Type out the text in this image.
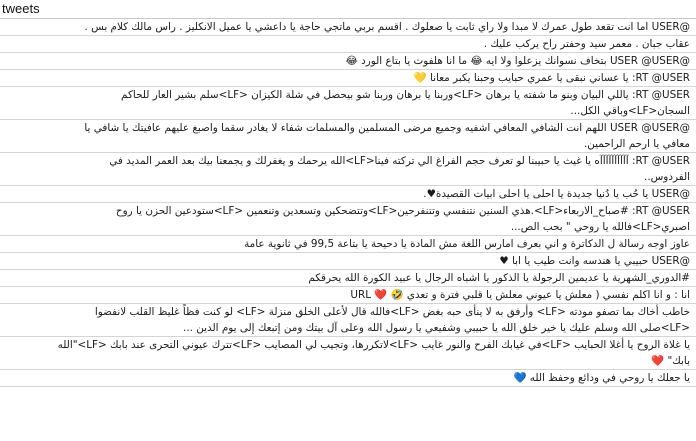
tweets
@USER اما انت تقعد طول عمرك لا مبدا ولا راي ثابت يا صعلوك . اقسم بربي ماتجي حاجة يا داعشي يا عميل الانكليز . راس مالك كلام بس .
عقاب جبان . معمر سيد وحفتر راح يركب عليك .
@USER @USER بتخاف نسوانك يزعلوا ولا ايه 😂 ما انا هلفوت يا بتاع الورد 😂
RT @USER: يا عساني نبقى يا عمري حبايب وحبنا يكبر معانا 💛
RT @USER: ياللي البيان وبنو ما شفته يا برهان <LF>وربنا يا برهان وربنا شو بيحصل في شلة الكيزان <LF>سلم بشير العار للحاكم
السجان<LF>وباقي الكل...
@USER @USER اللهم انت الشافي المعافي اشفيه وجميع مرضى المسلمين والمسلمات شفاء لا يغادر سقما واصبغ عليهم عافيتك يا شافي يا
معافي يا ارحم الراحمين.
RT @USER: آآآآآآآآآآه يا غيث يا حبيبنا لو تعرف حجم الفراغ الي تركته فينا<LF>الله يرحمك و يغفرلك و يجمعنا بيك بعد العمر المديد في
الفردوس..
@USER يا حُب يا دُنيا جديدة يا احلى يا احلى ابيات القصيدة♥.
RT @USER: #صباح_الاربعاء<LF>.هذي السنين نتنفسي وتتنفرحين<LF>وتتضحكين وتسعدين وتنعمين <LF>ستودعين الحزن يا روح
اصبري<LF>فالله يا روحي " بحب الص...
عاوز اوجه رسالة ل الدكاترة و اني بعرف امارس اللغة مش المادة يا دحيحة يا بتاعة 99,5 في ثانوية عامة
@USER حبيبي يا هندسه وانت طيب يا ابا ♥
#الدوري_الشهرية يا عديمين الرجولة يا الذكور يا اشباه الرجال يا عبيد الكورة الله يحرقكم
انا : و انا اكلم نفسي ( معلش يا عيوني معلش يا قلبي فترة و تعدي 🤣 ❤️ URL
خاطب أخاك بما تصفو مودته <LF> وأرفق به لا ينأى حبه بغض <LF>فالله قال لأعلى الخلق منزلة <LF> لو كنت فظاً غليظ القلب لانفضوا
<LF>صلى الله وسلم عليك يا خير خلق الله يا حبيبي وشفيعي يا رسول الله وعلى آل بيتك ومن إتبعك إلى يوم الدين ...
يا غلاة الروح يا أغلا الحبايب <LF>في غيابك الفرح والنور غايب <LF>لاتكررها، وتجيب لي المصايب <LF>تترك عيوني التحرى عند بابك <LF>"الله
بابك" ❤️
يا جعلك يا روحي في ودائع وحفظ الله 💙
